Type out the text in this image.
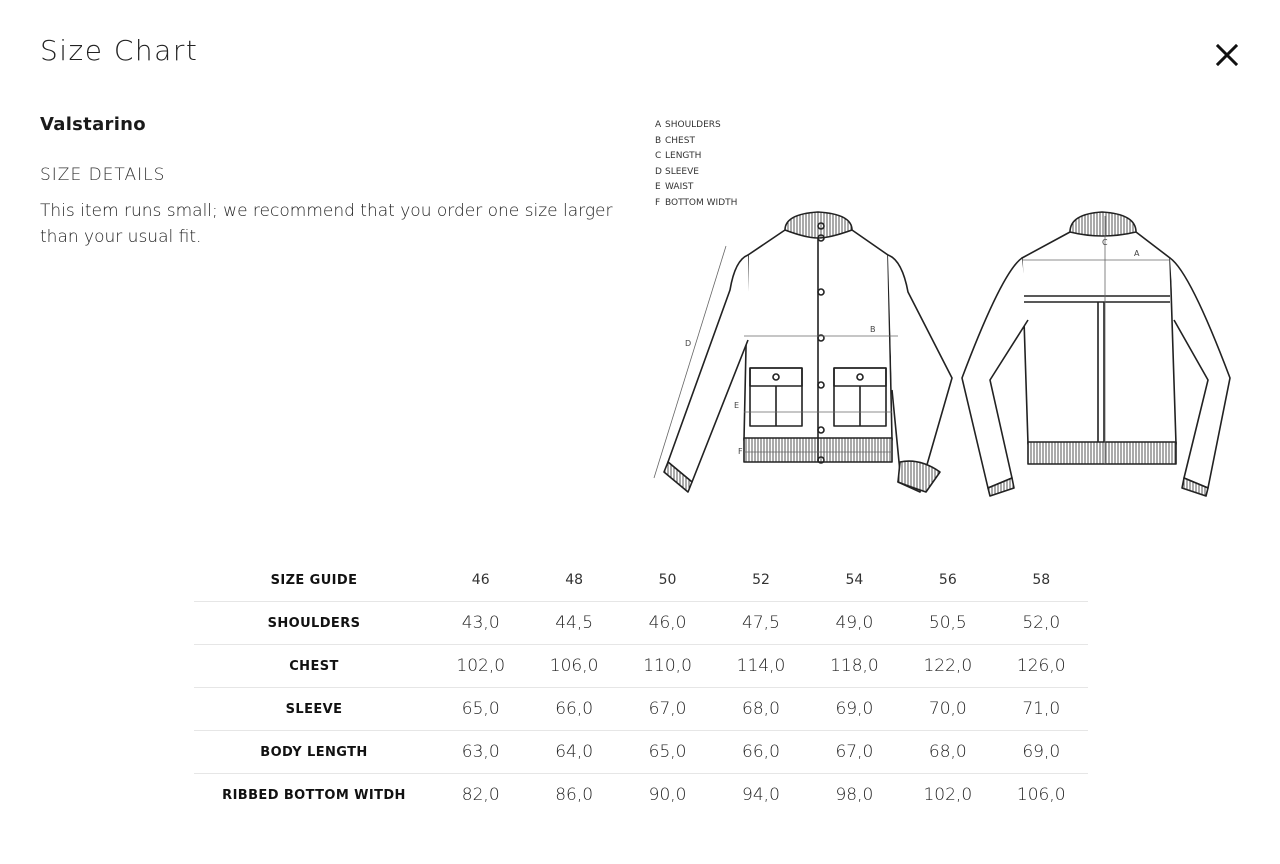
Size Chart
Valstarino
SIZE DETAILS
This item runs small; we recommend that you order one size larger than your usual fit.
A SHOULDERS
B CHEST
C LENGTH
D SLEEVE
E WAIST
F BOTTOM WIDTH
D
B
E
F
C
A
SIZE GUIDE	46	48	50	52	54	56	58
SHOULDERS	43,0	44,5	46,0	47,5	49,0	50,5	52,0
CHEST	102,0	106,0	110,0	114,0	118,0	122,0	126,0
SLEEVE	65,0	66,0	67,0	68,0	69,0	70,0	71,0
BODY LENGTH	63,0	64,0	65,0	66,0	67,0	68,0	69,0
RIBBED BOTTOM WITDH	82,0	86,0	90,0	94,0	98,0	102,0	106,0
